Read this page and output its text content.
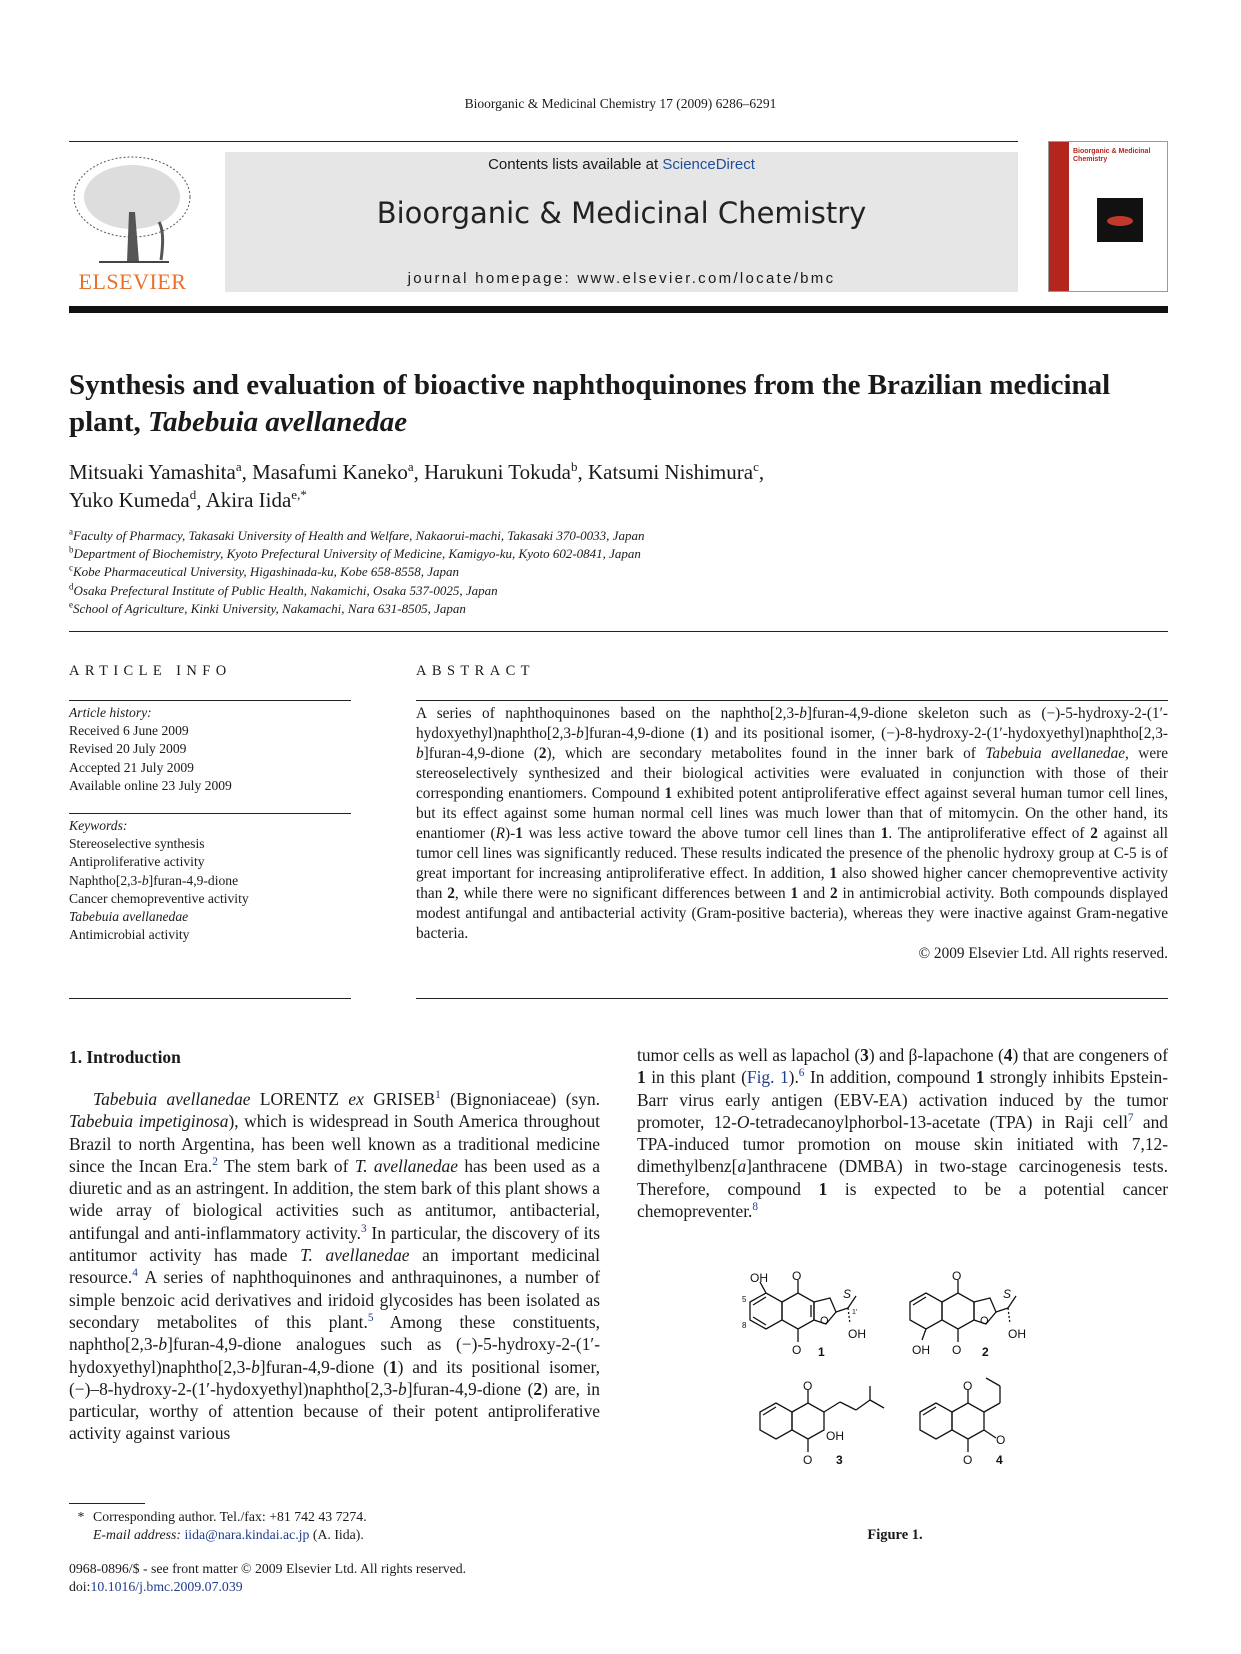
Bioorganic & Medicinal Chemistry 17 (2009) 6286–6291
ELSEVIER
Contents lists available at ScienceDirect
Bioorganic & Medicinal Chemistry
journal homepage: www.elsevier.com/locate/bmc
Bioorganic & Medicinal Chemistry
Synthesis and evaluation of bioactive naphthoquinones from the Brazilian medicinal plant, Tabebuia avellanedae
Mitsuaki Yamashita$^a$, Masafumi Kaneko$^a$, Harukuni Tokuda$^b$, Katsumi Nishimura$^c$,
Yuko Kumeda$^d$, Akira Iida$^{e,*}$
$^a$Faculty of Pharmacy, Takasaki University of Health and Welfare, Nakaorui-machi, Takasaki 370-0033, Japan
$^b$Department of Biochemistry, Kyoto Prefectural University of Medicine, Kamigyo-ku, Kyoto 602-0841, Japan
$^c$Kobe Pharmaceutical University, Higashinada-ku, Kobe 658-8558, Japan
$^d$Osaka Prefectural Institute of Public Health, Nakamichi, Osaka 537-0025, Japan
$^e$School of Agriculture, Kinki University, Nakamachi, Nara 631-8505, Japan
ARTICLE INFO
Article history:
Received 6 June 2009
Revised 20 July 2009
Accepted 21 July 2009
Available online 23 July 2009
Keywords:
Stereoselective synthesis
Antiproliferative activity
Naphtho[2,3-b]furan-4,9-dione
Cancer chemopreventive activity
Tabebuia avellanedae
Antimicrobial activity
ABSTRACT
A series of naphthoquinones based on the naphtho[2,3-b]furan-4,9-dione skeleton such as (−)-5-hydroxy-2-(1′-hydoxyethyl)naphtho[2,3-b]furan-4,9-dione (1) and its positional isomer, (−)-8-hydroxy-2-(1′-hydoxyethyl)naphtho[2,3-b]furan-4,9-dione (2), which are secondary metabolites found in the inner bark of Tabebuia avellanedae, were stereoselectively synthesized and their biological activities were evaluated in conjunction with those of their corresponding enantiomers. Compound 1 exhibited potent antiproliferative effect against several human tumor cell lines, but its effect against some human normal cell lines was much lower than that of mitomycin. On the other hand, its enantiomer (R)-1 was less active toward the above tumor cell lines than 1. The antiproliferative effect of 2 against all tumor cell lines was significantly reduced. These results indicated the presence of the phenolic hydroxy group at C-5 is of great important for increasing antiproliferative effect. In addition, 1 also showed higher cancer chemopreventive activity than 2, while there were no significant differences between 1 and 2 in antimicrobial activity. Both compounds displayed modest antifungal and antibacterial activity (Gram-positive bacteria), whereas they were inactive against Gram-negative bacteria.
© 2009 Elsevier Ltd. All rights reserved.
1. Introduction

Tabebuia avellanedae LORENTZ ex GRISEB$^1$ (Bignoniaceae) (syn. Tabebuia impetiginosa), which is widespread in South America throughout Brazil to north Argentina, has been well known as a traditional medicine since the Incan Era.$^2$ The stem bark of T. avellanedae has been used as a diuretic and as an astringent. In addition, the stem bark of this plant shows a wide array of biological activities such as antitumor, antibacterial, antifungal and anti-inflammatory activity.$^3$ In particular, the discovery of its antitumor activity has made T. avellanedae an important medicinal resource.$^4$ A series of naphthoquinones and anthraquinones, a number of simple benzoic acid derivatives and iridoid glycosides has been isolated as secondary metabolites of this plant.$^5$ Among these constituents, naphtho[2,3-b]furan-4,9-dione analogues such as (−)-5-hydroxy-2-(1′-hydoxyethyl)naphtho[2,3-b]furan-4,9-dione (1) and its positional isomer, (−)–8-hydroxy-2-(1′-hydoxyethyl)naphtho[2,3-b]furan-4,9-dione (2) are, in particular, worthy of attention because of their potent antiproliferative activity against various

tumor cells as well as lapachol (3) and β-lapachone (4) that are congeners of 1 in this plant (Fig. 1).$^6$ In addition, compound 1 strongly inhibits Epstein-Barr virus early antigen (EBV-EA) activation induced by the tumor promoter, 12-O-tetradecanoylphorbol-13-acetate (TPA) in Raji cell$^7$ and TPA-induced tumor promotion on mouse skin initiated with 7,12-dimethylbenz[a]anthracene (DMBA) in two-stage carcinogenesis tests. Therefore, compound 1 is expected to be a potential cancer chemopreventer.$^8$

OH O
O
5
8
S
1′
OH
O
1
O
O
OH
S
OH
O
2
O
O
OH
3
O
O
O
4
Figure 1.
* Corresponding author. Tel./fax: +81 742 43 7274.
E-mail address: iida@nara.kindai.ac.jp (A. Iida).
0968-0896/$ - see front matter © 2009 Elsevier Ltd. All rights reserved.
doi:10.1016/j.bmc.2009.07.039
